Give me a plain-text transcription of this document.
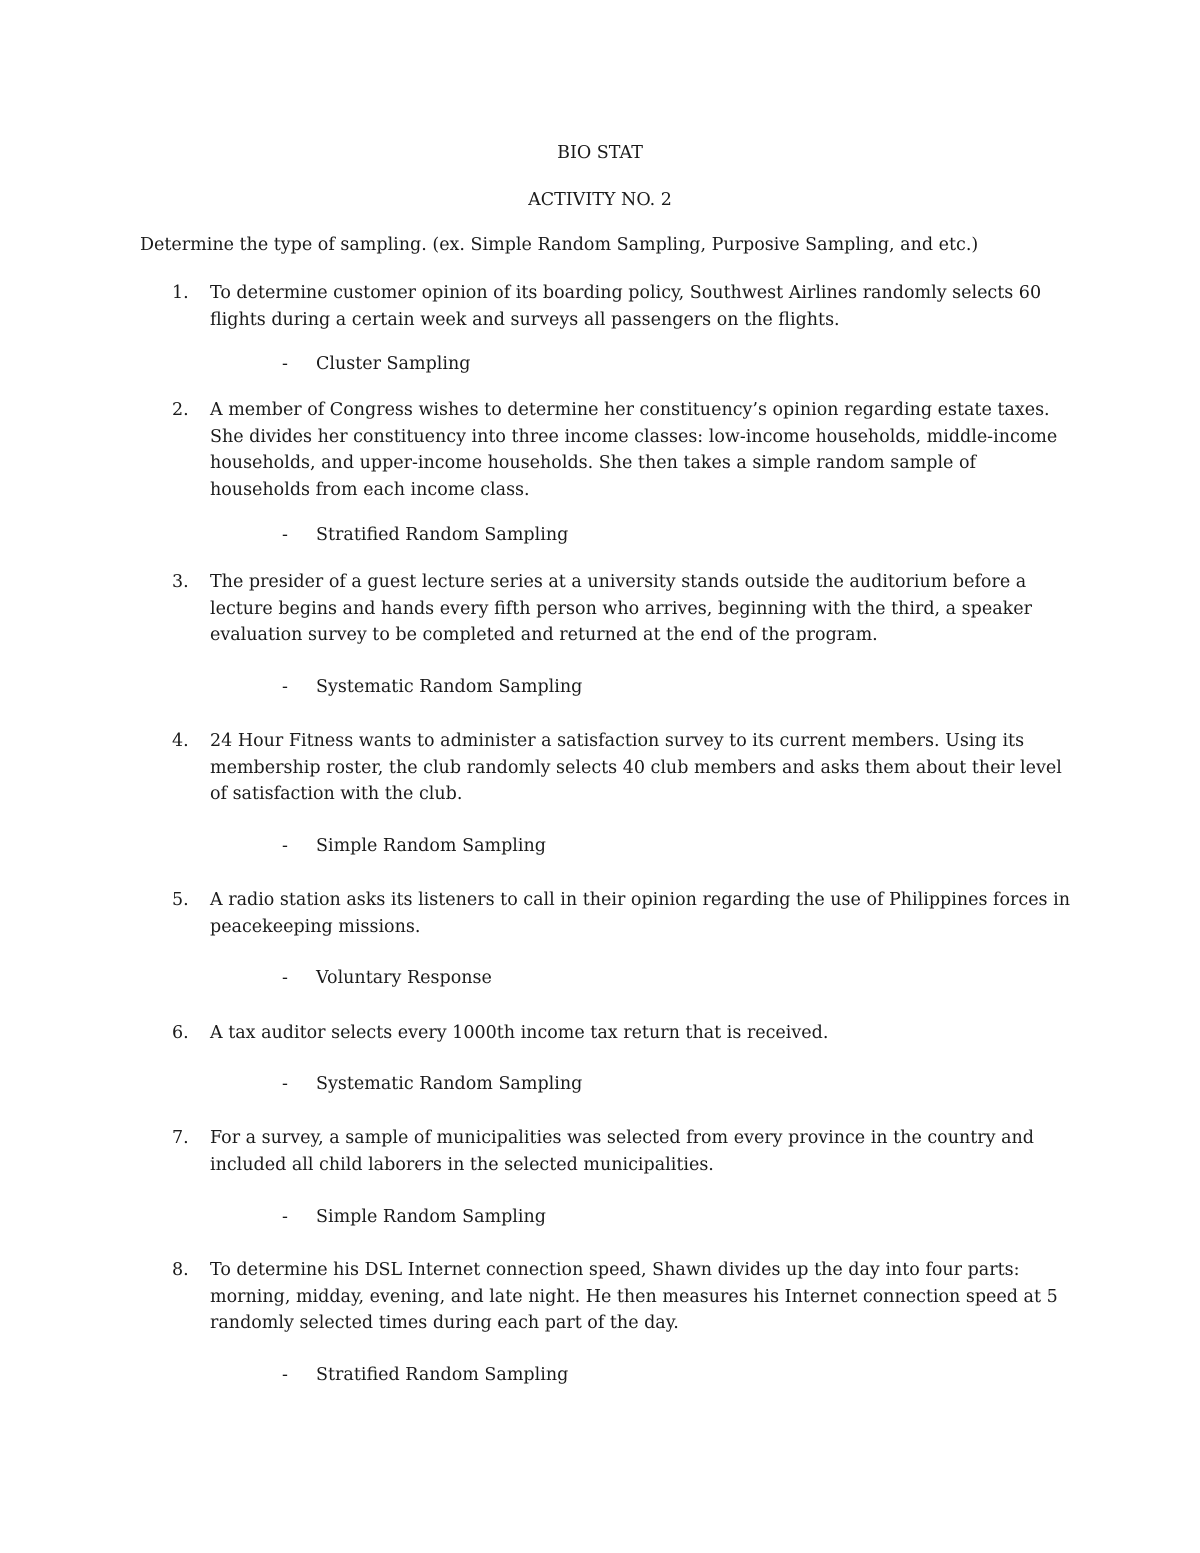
BIO STAT
ACTIVITY NO. 2
Determine the type of sampling. (ex. Simple Random Sampling, Purposive Sampling, and etc.)
1. To determine customer opinion of its boarding policy, Southwest Airlines randomly selects 60 flights during a certain week and surveys all passengers on the flights.
- Cluster Sampling
2. A member of Congress wishes to determine her constituency’s opinion regarding estate taxes. She divides her constituency into three income classes: low-income households, middle-income households, and upper-income households. She then takes a simple random sample of households from each income class.
- Stratified Random Sampling
3. The presider of a guest lecture series at a university stands outside the auditorium before a lecture begins and hands every fifth person who arrives, beginning with the third, a speaker evaluation survey to be completed and returned at the end of the program.
- Systematic Random Sampling
4. 24 Hour Fitness wants to administer a satisfaction survey to its current members. Using its membership roster, the club randomly selects 40 club members and asks them about their level of satisfaction with the club.
- Simple Random Sampling
5. A radio station asks its listeners to call in their opinion regarding the use of Philippines forces in peacekeeping missions.
- Voluntary Response
6. A tax auditor selects every 1000th income tax return that is received.
- Systematic Random Sampling
7. For a survey, a sample of municipalities was selected from every province in the country and included all child laborers in the selected municipalities.
- Simple Random Sampling
8. To determine his DSL Internet connection speed, Shawn divides up the day into four parts: morning, midday, evening, and late night. He then measures his Internet connection speed at 5 randomly selected times during each part of the day.
- Stratified Random Sampling
